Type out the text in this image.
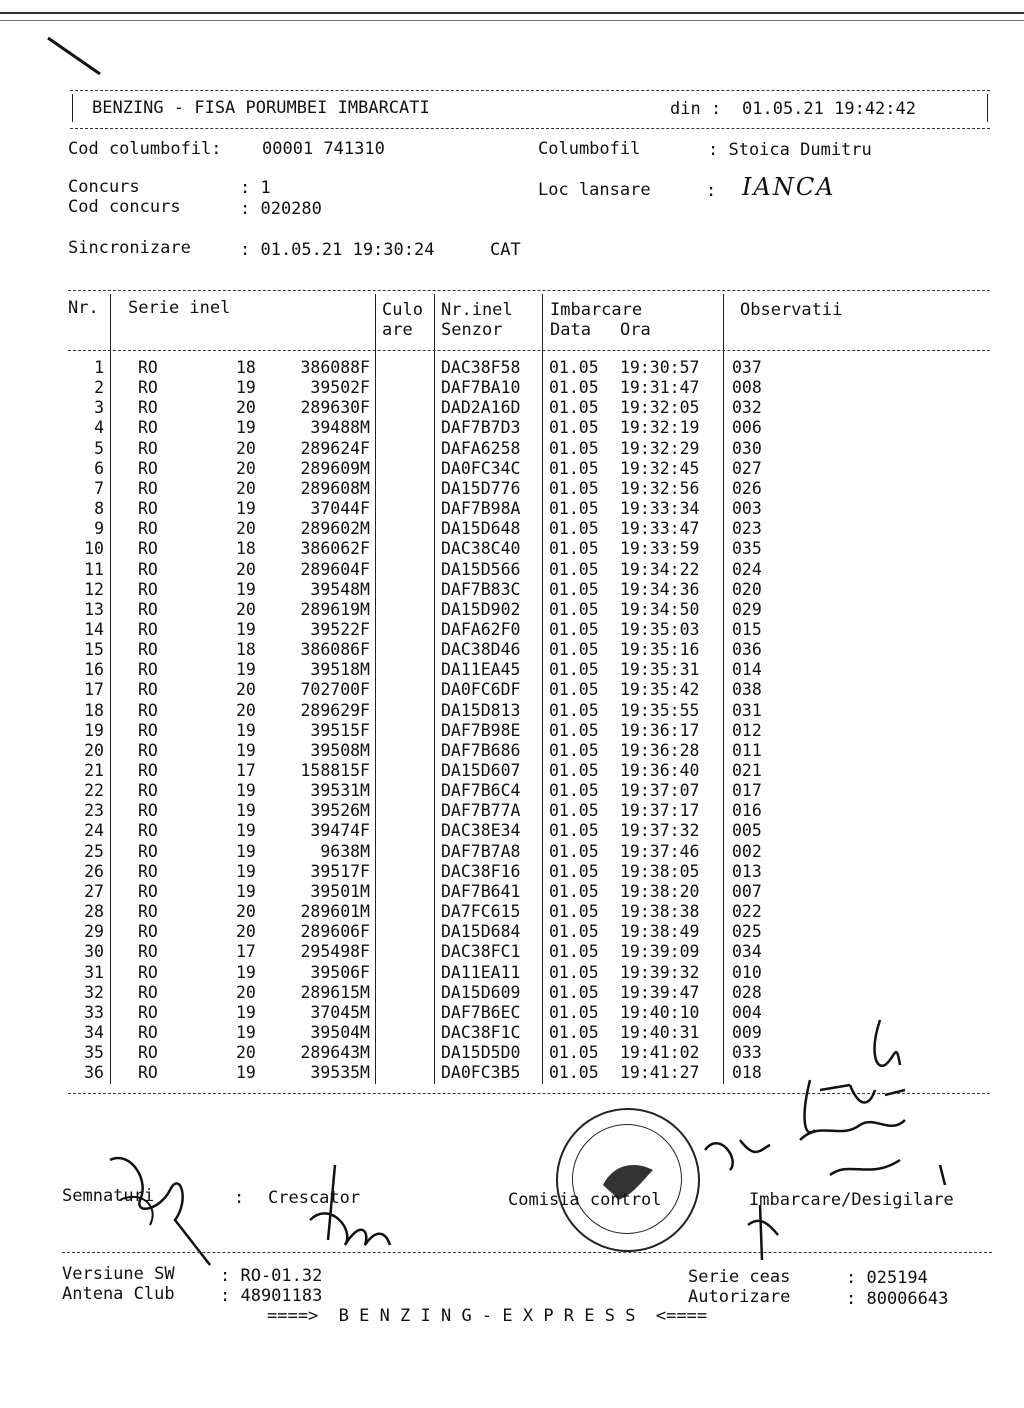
BENZING - FISA PORUMBEI IMBARCATI	din : 01.05.21 19:42:42
Cod columbofil: 00001 741310	Columbofil	: Stoica Dumitru
Concurs	: 1
Cod concurs	: 020280
Loc lansare	: IANCA
Sincronizare	: 01.05.21 19:30:24	CAT
Nr. Serie inel	Culo
are
Nr.inel
Senzor
Imbarcare
Data Ora
Observatii
1 RO	18	386088F	DAC38F58 01.05 19:30:57 037
2 RO	19	39502F	DAF7BA10 01.05 19:31:47 008
3 RO	20	289630F	DAD2A16D 01.05 19:32:05 032
4 RO	19	39488M	DAF7B7D3 01.05 19:32:19 006
5 RO	20	289624F	DAFA6258 01.05 19:32:29 030
6 RO	20	289609M	DA0FC34C 01.05 19:32:45 027
7 RO	20	289608M	DA15D776 01.05 19:32:56 026
8 RO	19	37044F	DAF7B98A 01.05 19:33:34 003
9 RO	20	289602M	DA15D648 01.05 19:33:47 023
10 RO	18	386062F	DAC38C40 01.05 19:33:59 035
11 RO	20	289604F	DA15D566 01.05 19:34:22 024
12 RO	19	39548M	DAF7B83C 01.05 19:34:36 020
13 RO	20	289619M	DA15D902 01.05 19:34:50 029
14 RO	19	39522F	DAFA62F0 01.05 19:35:03 015
15 RO	18	386086F	DAC38D46 01.05 19:35:16 036
16 RO	19	39518M	DA11EA45 01.05 19:35:31 014
17 RO	20	702700F	DA0FC6DF 01.05 19:35:42 038
18 RO	20	289629F	DA15D813 01.05 19:35:55 031
19 RO	19	39515F	DAF7B98E 01.05 19:36:17 012
20 RO	19	39508M	DAF7B686 01.05 19:36:28 011
21 RO	17	158815F	DA15D607 01.05 19:36:40 021
22 RO	19	39531M	DAF7B6C4 01.05 19:37:07 017
23 RO	19	39526M	DAF7B77A 01.05 19:37:17 016
24 RO	19	39474F	DAC38E34 01.05 19:37:32 005
25 RO	19	9638M	DAF7B7A8 01.05 19:37:46 002
26 RO	19	39517F	DAC38F16 01.05 19:38:05 013
27 RO	19	39501M	DAF7B641 01.05 19:38:20 007
28 RO	20	289601M	DA7FC615 01.05 19:38:38 022
29 RO	20	289606F	DA15D684 01.05 19:38:49 025
30 RO	17	295498F	DAC38FC1 01.05 19:39:09 034
31 RO	19	39506F	DA11EA11 01.05 19:39:32 010
32 RO	20	289615M	DA15D609 01.05 19:39:47 028
33 RO	19	37045M	DAF7B6EC 01.05 19:40:10 004
34 RO	19	39504M	DAC38F1C 01.05 19:40:31 009
35 RO	20	289643M	DA15D5D0 01.05 19:41:02 033
36 RO	19	39535M	DA0FC3B5 01.05 19:41:27 018
Semnaturi	: Crescator	Comisia control	Imbarcare/Desigilare
Versiune SW	: RO-01.32
Antena Club	: 48901183
Serie ceas	: 025194
Autorizare	: 80006643
====>  B E N Z I N G - E X P R E S S  <====
